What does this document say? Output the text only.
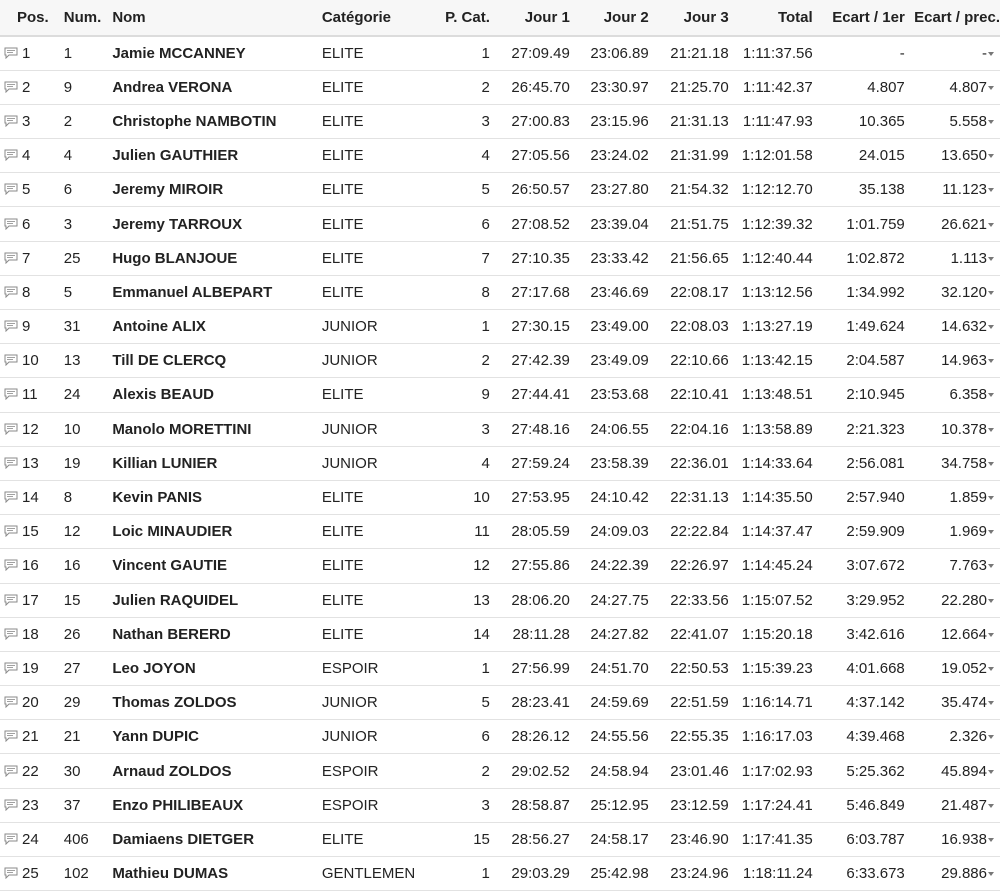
Pos.	Num.	Nom	Catégorie	P. Cat.	Jour 1	Jour 2	Jour 3	Total	Ecart / 1er	Ecart / prec.
1	1	Jamie MCCANNEY	ELITE	1	27:09.49	23:06.89	21:21.18	1:11:37.56	-	-
2	9	Andrea VERONA	ELITE	2	26:45.70	23:30.97	21:25.70	1:11:42.37	4.807	4.807
3	2	Christophe NAMBOTIN	ELITE	3	27:00.83	23:15.96	21:31.13	1:11:47.93	10.365	5.558
4	4	Julien GAUTHIER	ELITE	4	27:05.56	23:24.02	21:31.99	1:12:01.58	24.015	13.650
5	6	Jeremy MIROIR	ELITE	5	26:50.57	23:27.80	21:54.32	1:12:12.70	35.138	11.123
6	3	Jeremy TARROUX	ELITE	6	27:08.52	23:39.04	21:51.75	1:12:39.32	1:01.759	26.621
7	25	Hugo BLANJOUE	ELITE	7	27:10.35	23:33.42	21:56.65	1:12:40.44	1:02.872	1.113
8	5	Emmanuel ALBEPART	ELITE	8	27:17.68	23:46.69	22:08.17	1:13:12.56	1:34.992	32.120
9	31	Antoine ALIX	JUNIOR	1	27:30.15	23:49.00	22:08.03	1:13:27.19	1:49.624	14.632
10	13	Till DE CLERCQ	JUNIOR	2	27:42.39	23:49.09	22:10.66	1:13:42.15	2:04.587	14.963
11	24	Alexis BEAUD	ELITE	9	27:44.41	23:53.68	22:10.41	1:13:48.51	2:10.945	6.358
12	10	Manolo MORETTINI	JUNIOR	3	27:48.16	24:06.55	22:04.16	1:13:58.89	2:21.323	10.378
13	19	Killian LUNIER	JUNIOR	4	27:59.24	23:58.39	22:36.01	1:14:33.64	2:56.081	34.758
14	8	Kevin PANIS	ELITE	10	27:53.95	24:10.42	22:31.13	1:14:35.50	2:57.940	1.859
15	12	Loic MINAUDIER	ELITE	11	28:05.59	24:09.03	22:22.84	1:14:37.47	2:59.909	1.969
16	16	Vincent GAUTIE	ELITE	12	27:55.86	24:22.39	22:26.97	1:14:45.24	3:07.672	7.763
17	15	Julien RAQUIDEL	ELITE	13	28:06.20	24:27.75	22:33.56	1:15:07.52	3:29.952	22.280
18	26	Nathan BERERD	ELITE	14	28:11.28	24:27.82	22:41.07	1:15:20.18	3:42.616	12.664
19	27	Leo JOYON	ESPOIR	1	27:56.99	24:51.70	22:50.53	1:15:39.23	4:01.668	19.052
20	29	Thomas ZOLDOS	JUNIOR	5	28:23.41	24:59.69	22:51.59	1:16:14.71	4:37.142	35.474
21	21	Yann DUPIC	JUNIOR	6	28:26.12	24:55.56	22:55.35	1:16:17.03	4:39.468	2.326
22	30	Arnaud ZOLDOS	ESPOIR	2	29:02.52	24:58.94	23:01.46	1:17:02.93	5:25.362	45.894
23	37	Enzo PHILIBEAUX	ESPOIR	3	28:58.87	25:12.95	23:12.59	1:17:24.41	5:46.849	21.487
24	406	Damiaens DIETGER	ELITE	15	28:56.27	24:58.17	23:46.90	1:17:41.35	6:03.787	16.938
25	102	Mathieu DUMAS	GENTLEMEN	1	29:03.29	25:42.98	23:24.96	1:18:11.24	6:33.673	29.886
